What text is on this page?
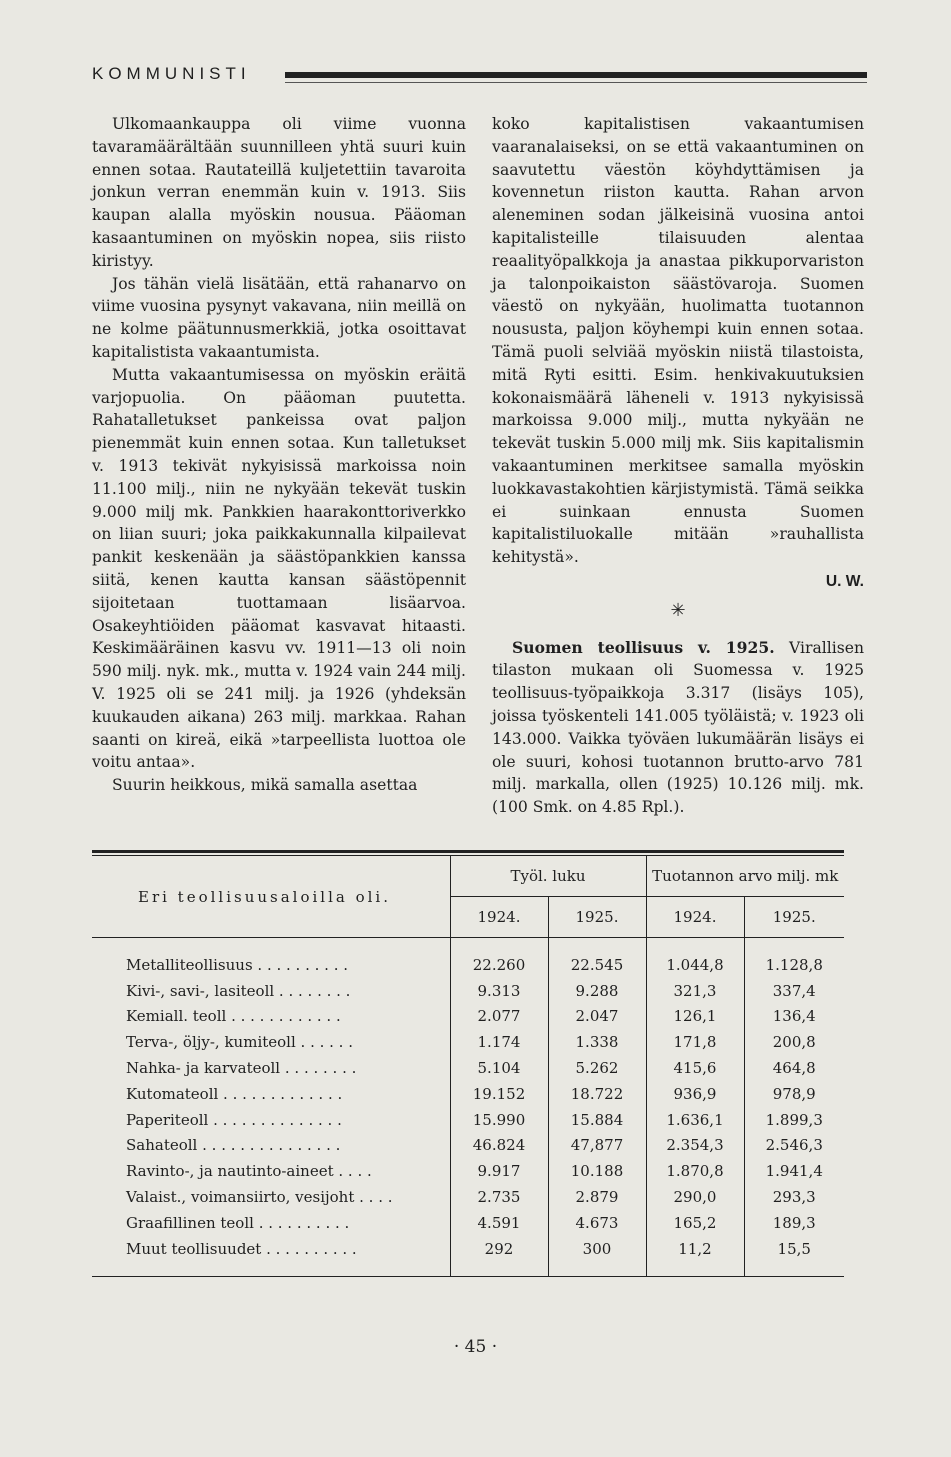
KOMMUNISTI

Ulkomaankauppa oli viime vuonna tavaramäärältään suunnilleen yhtä suuri kuin ennen sotaa. Rautateillä kuljetettiin tavaroita jonkun verran enemmän kuin v. 1913. Siis kaupan alalla myöskin nousua. Pääoman kasaantuminen on myöskin nopea, siis riisto kiristyy.

Jos tähän vielä lisätään, että rahanarvo on viime vuosina pysynyt vakavana, niin meillä on ne kolme päätunnusmerkkiä, jotka osoittavat kapitalistista vakaantumista.

Mutta vakaantumisessa on myöskin eräitä varjopuolia. On pääoman puutetta. Rahatalletukset pankeissa ovat paljon pienemmät kuin ennen sotaa. Kun talletukset v. 1913 tekivät nykyisissä markoissa noin 11.100 milj., niin ne nykyään tekevät tuskin 9.000 milj mk. Pankkien haarakonttoriverkko on liian suuri; joka paikkakunnalla kilpailevat pankit keskenään ja säästöpankkien kanssa siitä, kenen kautta kansan säästöpennit sijoitetaan tuottamaan lisäarvoa. Osakeyhtiöiden pääomat kasvavat hitaasti. Keskimääräinen kasvu vv. 1911—13 oli noin 590 milj. nyk. mk., mutta v. 1924 vain 244 milj. V. 1925 oli se 241 milj. ja 1926 (yhdeksän kuukauden aikana) 263 milj. markkaa. Rahan saanti on kireä, eikä »tarpeellista luottoa ole voitu antaa».

Suurin heikkous, mikä samalla asettaa

koko kapitalistisen vakaantumisen vaaranalaiseksi, on se että vakaantuminen on saavutettu väestön köyhdyttämisen ja kovennetun riiston kautta. Rahan arvon aleneminen sodan jälkeisinä vuosina antoi kapitalisteille tilaisuuden alentaa reaalityöpalkkoja ja anastaa pikkuporvariston ja talonpoikaiston säästövaroja. Suomen väestö on nykyään, huolimatta tuotannon noususta, paljon köyhempi kuin ennen sotaa. Tämä puoli selviää myöskin niistä tilastoista, mitä Ryti esitti. Esim. henkivakuutuksien kokonaismäärä läheneli v. 1913 nykyisissä markoissa 9.000 milj., mutta nykyään ne tekevät tuskin 5.000 milj mk. Siis kapitalismin vakaantuminen merkitsee samalla myöskin luokkavastakohtien kärjistymistä. Tämä seikka ei suinkaan ennusta Suomen kapitalistiluokalle mitään »rauhallista kehitystä».

U. W.
✳

Suomen teollisuus v. 1925. Virallisen tilaston mukaan oli Suomessa v. 1925 teollisuus-työpaikkoja 3.317 (lisäys 105), joissa työskenteli 141.005 työläistä; v. 1923 oli 143.000. Vaikka työväen lukumäärän lisäys ei ole suuri, kohosi tuotannon brutto-arvo 781 milj. markalla, ollen (1925) 10.126 milj. mk. (100 Smk. on 4.85 Rpl.).

Eri teollisuusaloilla oli.	Työl. luku		Tuotannon arvo milj. mk	
	1924.	1925.	1924.	1925.

Metalliteollisuus . . . . . . . . . .	22.260	22.545	1.044,8	1.128,8
Kivi-, savi-, lasiteoll . . . . . . . .	9.313	9.288	321,3	337,4
Kemiall. teoll . . . . . . . . . . . .	2.077	2.047	126,1	136,4
Terva-, öljy-, kumiteoll . . . . . .	1.174	1.338	171,8	200,8
Nahka- ja karvateoll . . . . . . . .	5.104	5.262	415,6	464,8
Kutomateoll . . . . . . . . . . . . .	19.152	18.722	936,9	978,9
Paperiteoll . . . . . . . . . . . . . .	15.990	15.884	1.636,1	1.899,3
Sahateoll . . . . . . . . . . . . . . .	46.824	47,877	2.354,3	2.546,3
Ravinto-, ja nautinto-aineet . . . .	9.917	10.188	1.870,8	1.941,4
Valaist., voimansiirto, vesijoht . . . .	2.735	2.879	290,0	293,3
Graafillinen teoll . . . . . . . . . .	4.591	4.673	165,2	189,3
Muut teollisuudet . . . . . . . . . .	292	300	11,2	15,5

· 45 ·
